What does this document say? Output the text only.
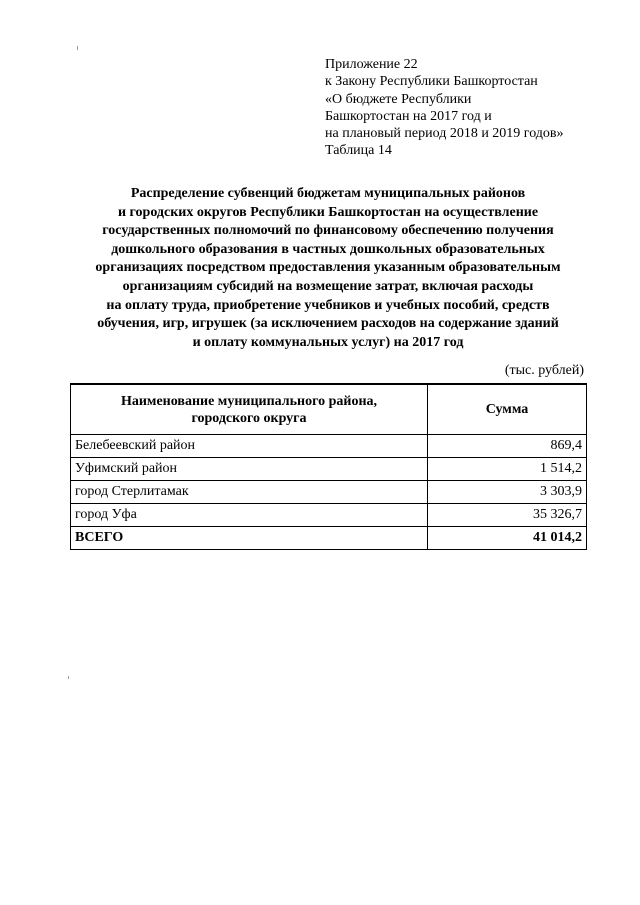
Приложение 22
к Закону Республики Башкортостан
«О бюджете Республики
Башкортостан на 2017 год и
на плановый период 2018 и 2019 годов»
Таблица 14
Распределение субвенций бюджетам муниципальных районов
и городских округов Республики Башкортостан на осуществление
государственных полномочий по финансовому обеспечению получения
дошкольного образования в частных дошкольных образовательных
организациях посредством предоставления указанным образовательным
организациям субсидий на возмещение затрат, включая расходы
на оплату труда, приобретение учебников и учебных пособий, средств
обучения, игр, игрушек (за исключением расходов на содержание зданий
и оплату коммунальных услуг) на 2017 год
(тыс. рублей)
Наименование муниципального района,
городского округа	Сумма
Белебеевский район	869,4
Уфимский район	1 514,2
город Стерлитамак	3 303,9
город Уфа	35 326,7
ВСЕГО	41 014,2
